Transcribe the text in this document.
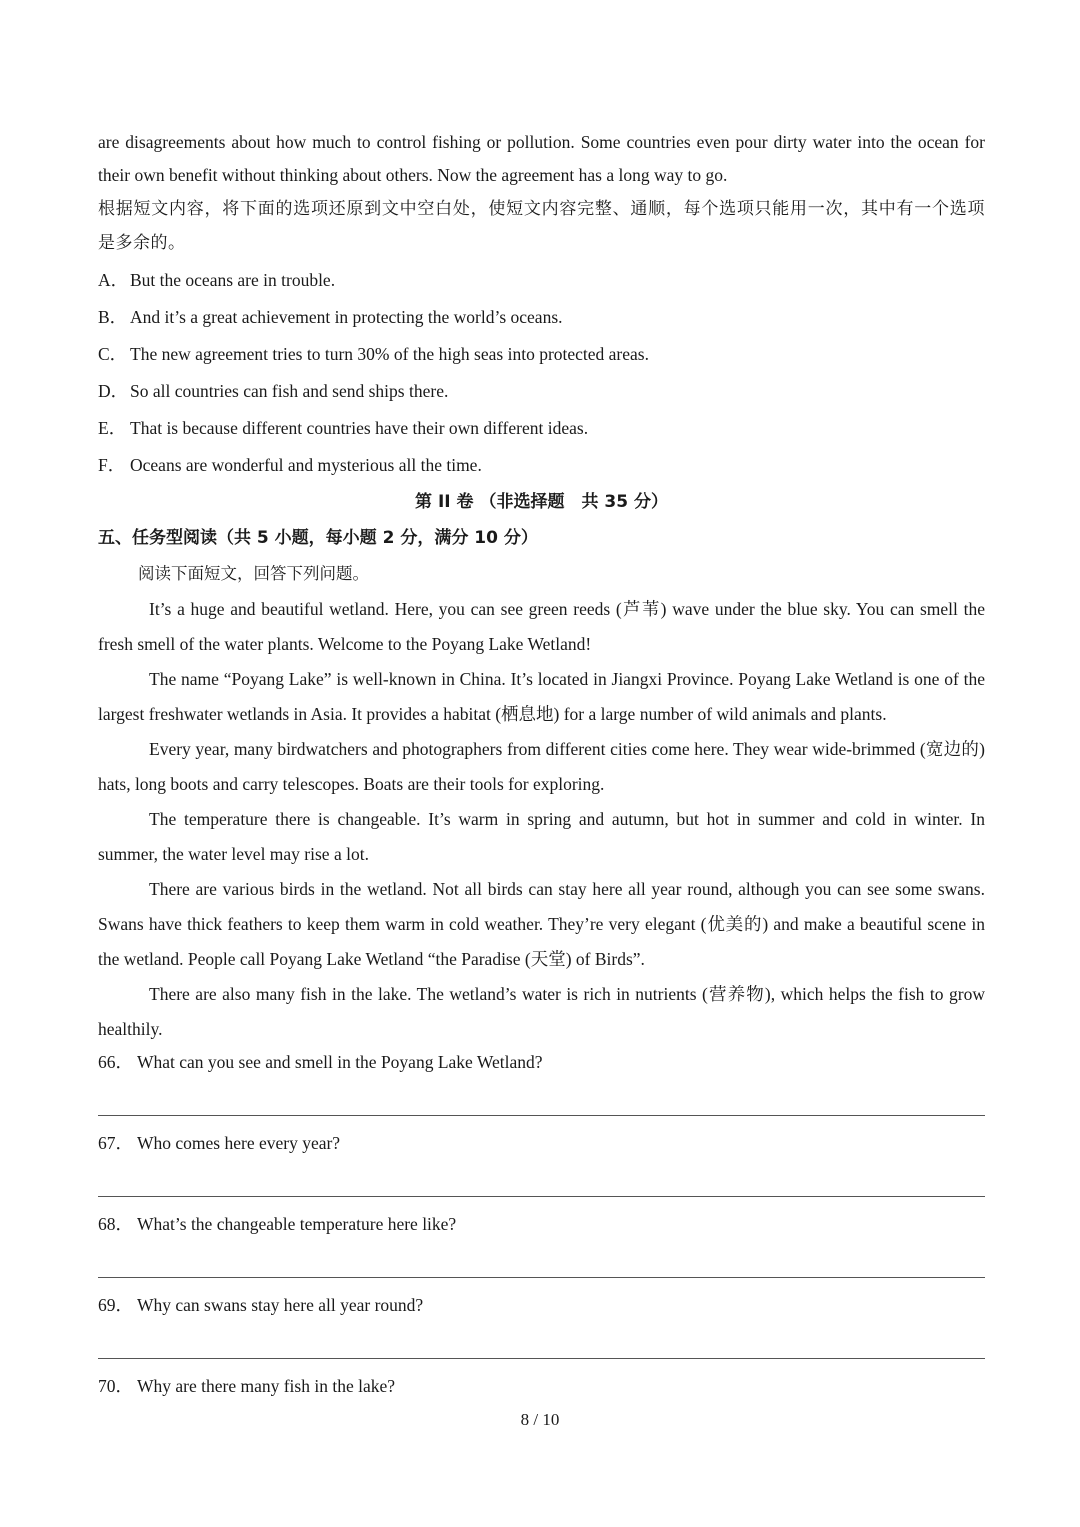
are disagreements about how much to control fishing or pollution. Some countries even pour dirty water into the ocean for their own benefit without thinking about others. Now the agreement has a long way to go.

根据短文内容，将下面的选项还原到文中空白处，使短文内容完整、通顺，每个选项只能用一次，其中有一个选项是多余的。

A． But the oceans are in trouble.

B． And it’s a great achievement in protecting the world’s oceans.

C． The new agreement tries to turn 30% of the high seas into protected areas.

D． So all countries can fish and send ships there.

E． That is because different countries have their own different ideas.

F． Oceans are wonderful and mysterious all the time.

第 II 卷 （非选择题　共 35 分）

五、任务型阅读（共 5 小题，每小题 2 分，满分 10 分）

阅读下面短文，回答下列问题。

It’s a huge and beautiful wetland. Here, you can see green reeds (芦苇) wave under the blue sky. You can smell the fresh smell of the water plants. Welcome to the Poyang Lake Wetland!

The name “Poyang Lake” is well-known in China. It’s located in Jiangxi Province. Poyang Lake Wetland is one of the largest freshwater wetlands in Asia. It provides a habitat (栖息地) for a large number of wild animals and plants.

Every year, many birdwatchers and photographers from different cities come here. They wear wide-brimmed (宽边的) hats, long boots and carry telescopes. Boats are their tools for exploring.

The temperature there is changeable. It’s warm in spring and autumn, but hot in summer and cold in winter. In summer, the water level may rise a lot.

There are various birds in the wetland. Not all birds can stay here all year round, although you can see some swans. Swans have thick feathers to keep them warm in cold weather. They’re very elegant (优美的) and make a beautiful scene in the wetland. People call Poyang Lake Wetland “the Paradise (天堂) of Birds”.

There are also many fish in the lake. The wetland’s water is rich in nutrients (营养物), which helps the fish to grow healthily.

66． What can you see and smell in the Poyang Lake Wetland?

67． Who comes here every year?

68． What’s the changeable temperature here like?

69． Why can swans stay here all year round?

70． Why are there many fish in the lake?

8 / 10
